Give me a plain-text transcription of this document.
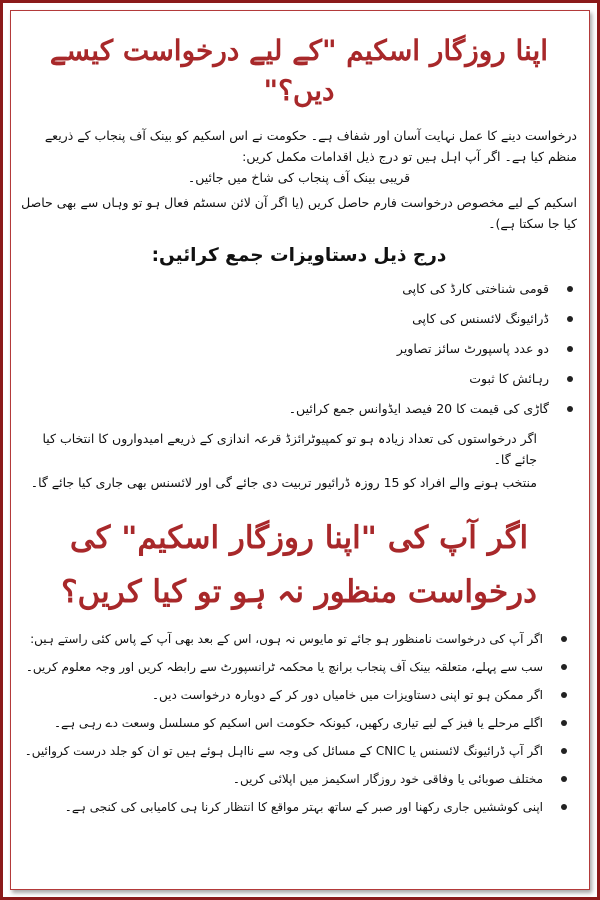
اپنا روزگار اسکیم "کے لیے درخواست کیسے دیں؟"

درخواست دینے کا عمل نہایت آسان اور شفاف ہے۔ حکومت نے اس اسکیم کو بینک آف پنجاب کے ذریعے منظم کیا ہے۔ اگر آپ اہل ہیں تو درج ذیل اقدامات مکمل کریں:

قریبی بینک آف پنجاب کی شاخ میں جائیں۔

اسکیم کے لیے مخصوص درخواست فارم حاصل کریں (یا اگر آن لائن سسٹم فعال ہو تو وہاں سے بھی حاصل کیا جا سکتا ہے)۔

درج ذیل دستاویزات جمع کرائیں:
قومی شناختی کارڈ کی کاپی
ڈرائیونگ لائسنس کی کاپی
دو عدد پاسپورٹ سائز تصاویر
رہائش کا ثبوت
گاڑی کی قیمت کا 20 فیصد ایڈوانس جمع کرائیں۔

اگر درخواستوں کی تعداد زیادہ ہو تو کمپیوٹرائزڈ قرعہ اندازی کے ذریعے امیدواروں کا انتخاب کیا جائے گا۔

منتخب ہونے والے افراد کو 15 روزہ ڈرائیور تربیت دی جائے گی اور لائسنس بھی جاری کیا جائے گا۔

اگر آپ کی "اپنا روزگار اسکیم" کی درخواست منظور نہ ہو تو کیا کریں؟
اگر آپ کی درخواست نامنظور ہو جائے تو مایوس نہ ہوں، اس کے بعد بھی آپ کے پاس کئی راستے ہیں:
سب سے پہلے، متعلقہ بینک آف پنجاب برانچ یا محکمہ ٹرانسپورٹ سے رابطہ کریں اور وجہ معلوم کریں۔
اگر ممکن ہو تو اپنی دستاویزات میں خامیاں دور کر کے دوبارہ درخواست دیں۔
اگلے مرحلے یا فیز کے لیے تیاری رکھیں، کیونکہ حکومت اس اسکیم کو مسلسل وسعت دے رہی ہے۔
اگر آپ ڈرائیونگ لائسنس یا CNIC کے مسائل کی وجہ سے نااہل ہوئے ہیں تو ان کو جلد درست کروائیں۔
مختلف صوبائی یا وفاقی خود روزگار اسکیمز میں اپلائی کریں۔
اپنی کوششیں جاری رکھنا اور صبر کے ساتھ بہتر مواقع کا انتظار کرنا ہی کامیابی کی کنجی ہے۔
